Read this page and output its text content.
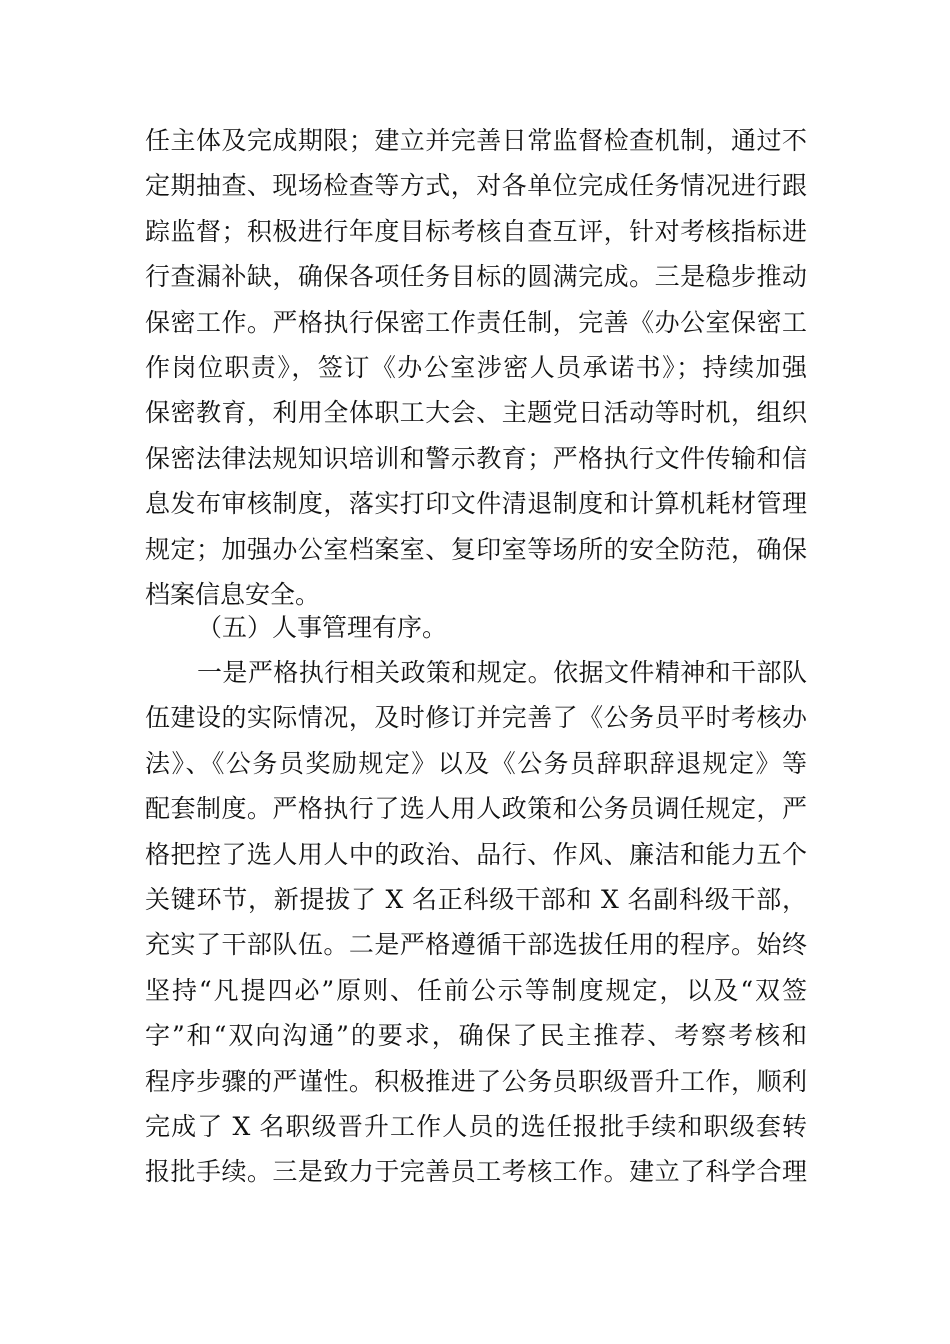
任主体及完成期限；建立并完善日常监督检查机制，通过不
定期抽查、现场检查等方式，对各单位完成任务情况进行跟
踪监督；积极进行年度目标考核自查互评，针对考核指标进
行查漏补缺，确保各项任务目标的圆满完成。三是稳步推动
保密工作。严格执行保密工作责任制，完善《办公室保密工
作岗位职责》，签订《办公室涉密人员承诺书》；持续加强
保密教育，利用全体职工大会、主题党日活动等时机，组织
保密法律法规知识培训和警示教育；严格执行文件传输和信
息发布审核制度，落实打印文件清退制度和计算机耗材管理
规定；加强办公室档案室、复印室等场所的安全防范，确保
档案信息安全。
（五）人事管理有序。
一是严格执行相关政策和规定。依据文件精神和干部队
伍建设的实际情况，及时修订并完善了《公务员平时考核办
法》、《公务员奖励规定》以及《公务员辞职辞退规定》等
配套制度。严格执行了选人用人政策和公务员调任规定，严
格把控了选人用人中的政治、品行、作风、廉洁和能力五个
关键环节，新提拔了 X 名正科级干部和 X 名副科级干部，
充实了干部队伍。二是严格遵循干部选拔任用的程序。始终
坚持“凡提四必”原则、任前公示等制度规定，以及“双签
字”和“双向沟通”的要求，确保了民主推荐、考察考核和
程序步骤的严谨性。积极推进了公务员职级晋升工作，顺利
完成了 X 名职级晋升工作人员的选任报批手续和职级套转
报批手续。三是致力于完善员工考核工作。建立了科学合理
